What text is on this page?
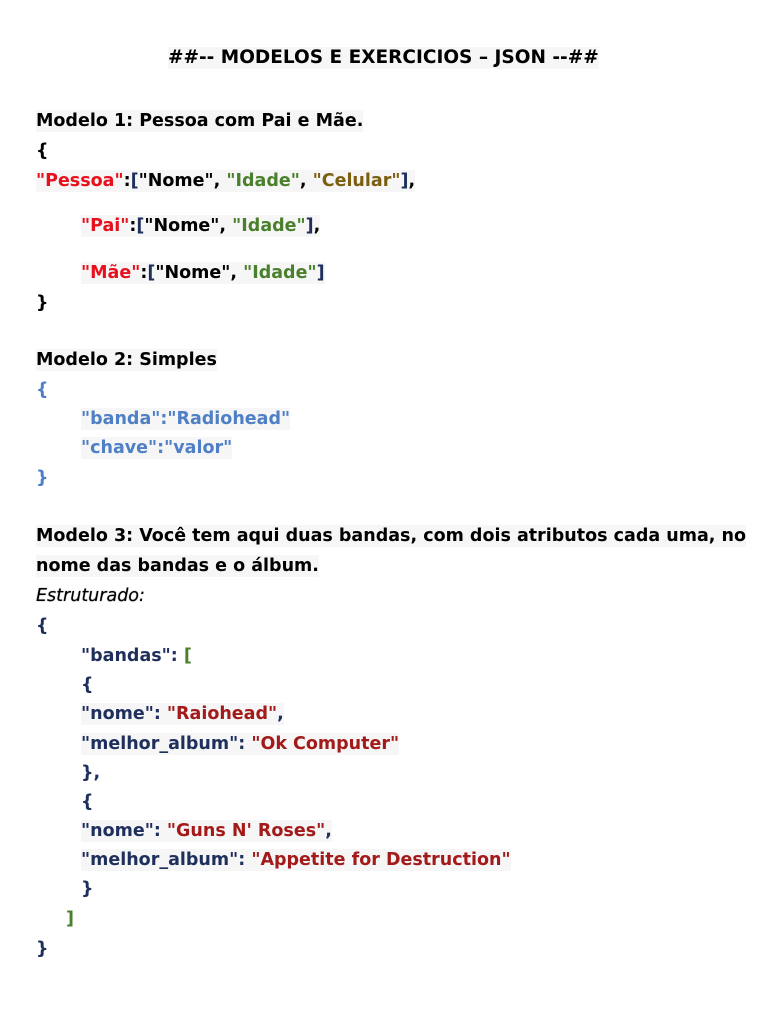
##-- MODELOS E EXERCICIOS – JSON --##
Modelo 1: Pessoa com Pai e Mãe.
{
"Pessoa":["Nome", "Idade", "Celular"],
"Pai":["Nome", "Idade"],
"Mãe":["Nome", "Idade"]
}
Modelo 2: Simples
{
"banda":"Radiohead"
"chave":"valor"
}
Modelo 3: Você tem aqui duas bandas, com dois atributos cada uma, no
nome das bandas e o álbum.
Estruturado:
{
"bandas": [
{
"nome": "Raiohead",
"melhor_album": "Ok Computer"
},
{
"nome": "Guns N' Roses",
"melhor_album": "Appetite for Destruction"
}
]
}
